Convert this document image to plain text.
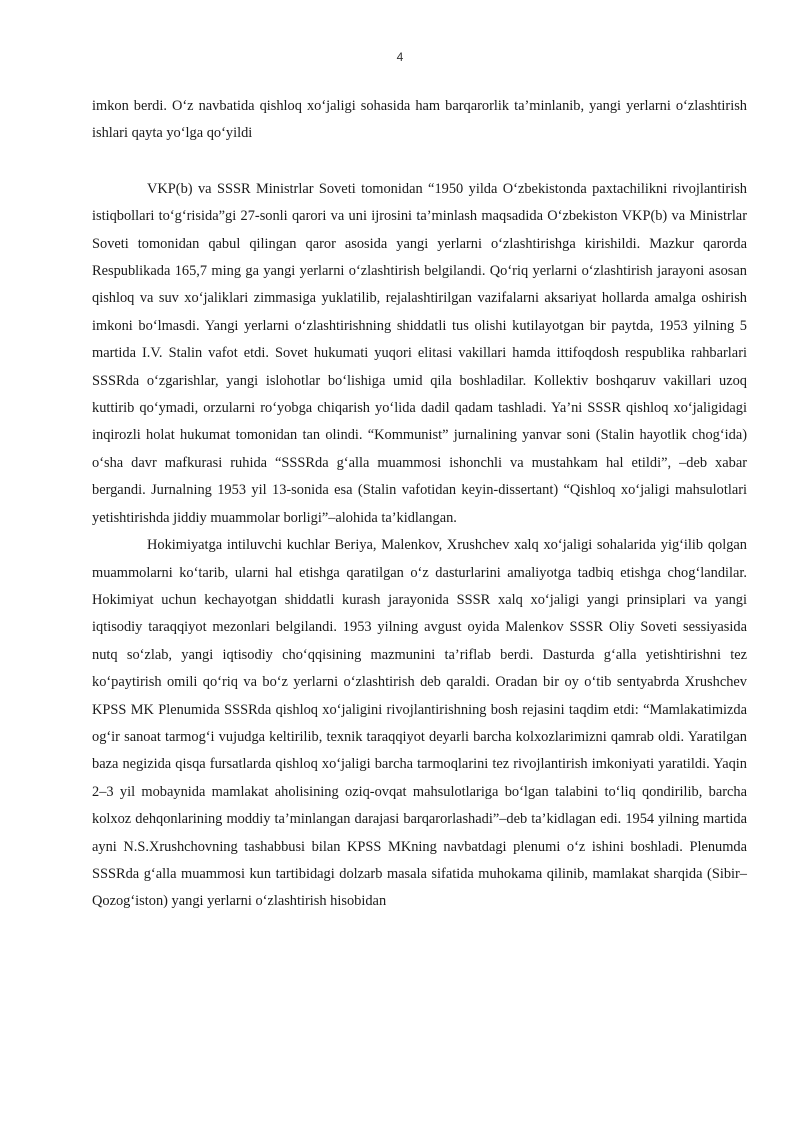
4

imkon berdi. O‘z navbatida qishloq xo‘jaligi sohasida ham barqarorlik ta’minlanib, yangi yerlarni o‘zlashtirish ishlari qayta yo‘lga qo‘yildi

VKP(b) va SSSR Ministrlar Soveti tomonidan “1950 yilda O‘zbekistonda paxtachilikni rivojlantirish istiqbollari to‘g‘risida”gi 27-sonli qarori va uni ijrosini ta’minlash maqsadida O‘zbekiston VKP(b) va Ministrlar Soveti tomonidan qabul qilingan qaror asosida yangi yerlarni o‘zlashtirishga kirishildi. Mazkur qarorda Respublikada 165,7 ming ga yangi yerlarni o‘zlashtirish belgilandi. Qo‘riq yerlarni o‘zlashtirish jarayoni asosan qishloq va suv xo‘jaliklari zimmasiga yuklatilib, rejalashtirilgan vazifalarni aksariyat hollarda amalga oshirish imkoni bo‘lmasdi. Yangi yerlarni o‘zlashtirishning shiddatli tus olishi kutilayotgan bir paytda, 1953 yilning 5 martida I.V. Stalin vafot etdi. Sovet hukumati yuqori elitasi vakillari hamda ittifoqdosh respublika rahbarlari SSSRda o‘zgarishlar, yangi islohotlar bo‘lishiga umid qila boshladilar. Kollektiv boshqaruv vakillari uzoq kuttirib qo‘ymadi, orzularni ro‘yobga chiqarish yo‘lida dadil qadam tashladi. Ya’ni SSSR qishloq xo‘jaligidagi inqirozli holat hukumat tomonidan tan olindi. “Kommunist” jurnalining yanvar soni (Stalin hayotlik chog‘ida) o‘sha davr mafkurasi ruhida “SSSRda g‘alla muammosi ishonchli va mustahkam hal etildi”, –deb xabar bergandi. Jurnalning 1953 yil 13-sonida esa (Stalin vafotidan keyin-dissertant) “Qishloq xo‘jaligi mahsulotlari yetishtirishda jiddiy muammolar borligi”–alohida ta’kidlangan.

Hokimiyatga intiluvchi kuchlar Beriya, Malenkov, Xrushchev xalq xo‘jaligi sohalarida yig‘ilib qolgan muammolarni ko‘tarib, ularni hal etishga qaratilgan o‘z dasturlarini amaliyotga tadbiq etishga chog‘landilar. Hokimiyat uchun kechayotgan shiddatli kurash jarayonida SSSR xalq xo‘jaligi yangi prinsiplari va yangi iqtisodiy taraqqiyot mezonlari belgilandi. 1953 yilning avgust oyida Malenkov SSSR Oliy Soveti sessiyasida nutq so‘zlab, yangi iqtisodiy cho‘qqisining mazmunini ta’riflab berdi. Dasturda g‘alla yetishtirishni tez ko‘paytirish omili qo‘riq va bo‘z yerlarni o‘zlashtirish deb qaraldi. Oradan bir oy o‘tib sentyabrda Xrushchev KPSS MK Plenumida SSSRda qishloq xo‘jaligini rivojlantirishning bosh rejasini taqdim etdi: “Mamlakatimizda og‘ir sanoat tarmog‘i vujudga keltirilib, texnik taraqqiyot deyarli barcha kolxozlarimizni qamrab oldi. Yaratilgan baza negizida qisqa fursatlarda qishloq xo‘jaligi barcha tarmoqlarini tez rivojlantirish imkoniyati yaratildi. Yaqin 2–3 yil mobaynida mamlakat aholisining oziq-ovqat mahsulotlariga bo‘lgan talabini to‘liq qondirilib, barcha kolxoz dehqonlarining moddiy ta’minlangan darajasi barqarorlashadi”–deb ta’kidlagan edi. 1954 yilning martida ayni N.S.Xrushchovning tashabbusi bilan KPSS MKning navbatdagi plenumi o‘z ishini boshladi. Plenumda SSSRda g‘alla muammosi kun tartibidagi dolzarb masala sifatida muhokama qilinib, mamlakat sharqida (Sibir–Qozog‘iston) yangi yerlarni o‘zlashtirish hisobidan
